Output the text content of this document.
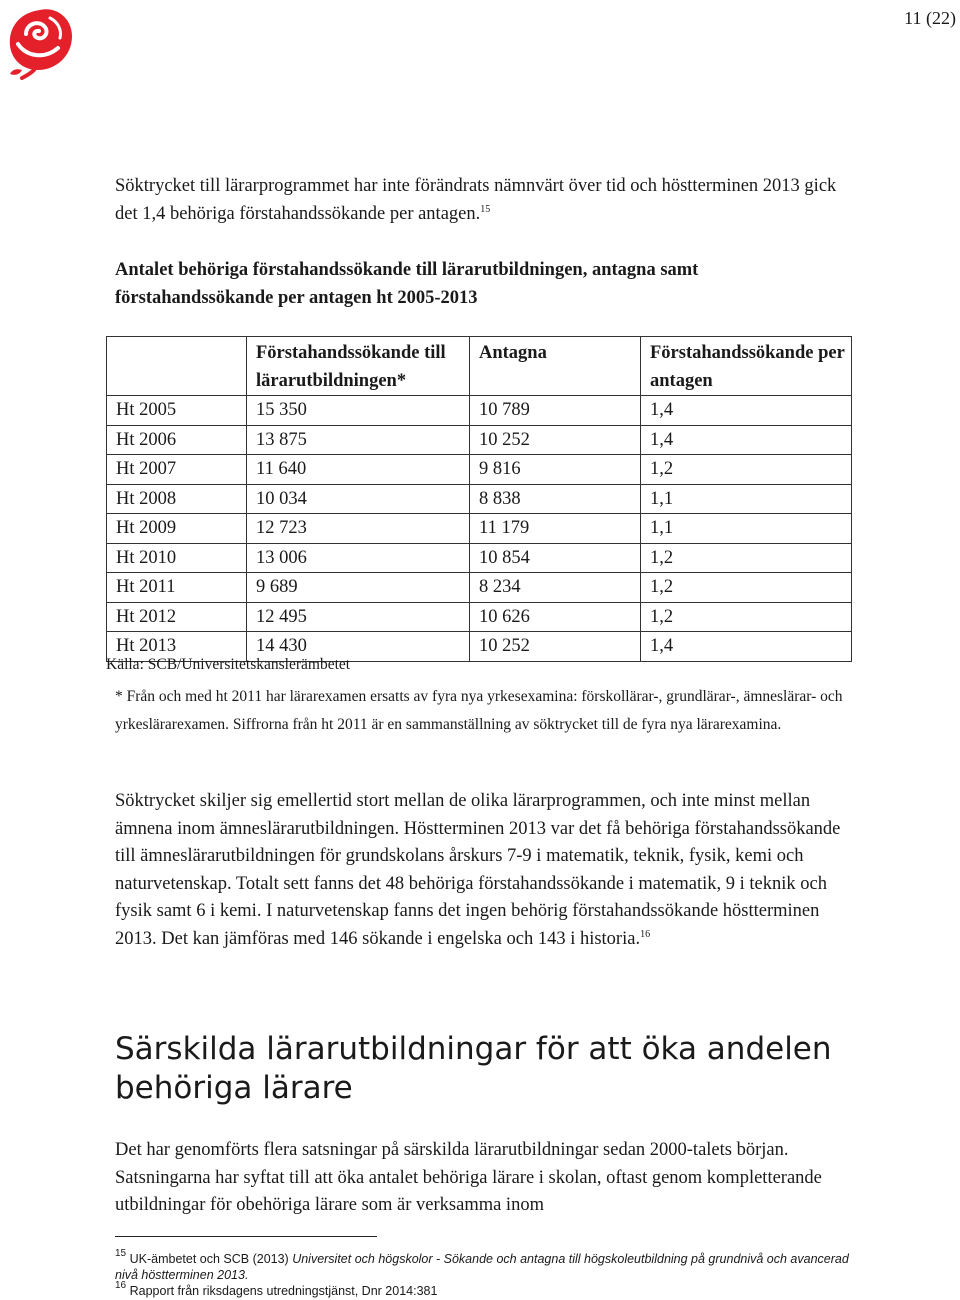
11 (22)

Söktrycket till lärarprogrammet har inte förändrats nämnvärt över tid och höstterminen 2013 gick det 1,4 behöriga förstahandssökande per antagen.$^{15}$

Antalet behöriga förstahandssökande till lärarutbildningen, antagna samt förstahandssökande per antagen ht 2005-2013
	Förstahandssökande till lärarutbildningen*	Antagna	Förstahandssökande per antagen
Ht 2005	15 350	10 789	1,4
Ht 2006	13 875	10 252	1,4
Ht 2007	11 640	9 816	1,2
Ht 2008	10 034	8 838	1,1
Ht 2009	12 723	11 179	1,1
Ht 2010	13 006	10 854	1,2
Ht 2011	9 689	8 234	1,2
Ht 2012	12 495	10 626	1,2
Ht 2013	14 430	10 252	1,4
Källa: SCB/Universitetskanslerämbetet
* Från och med ht 2011 har lärarexamen ersatts av fyra nya yrkesexamina: förskollärar-, grundlärar-, ämneslärar- och yrkeslärarexamen. Siffrorna från ht 2011 är en sammanställning av söktrycket till de fyra nya lärarexamina.

Söktrycket skiljer sig emellertid stort mellan de olika lärarprogrammen, och inte minst mellan ämnena inom ämneslärarutbildningen. Höstterminen 2013 var det få behöriga förstahandssökande till ämneslärarutbildningen för grundskolans årskurs 7-9 i matematik, teknik, fysik, kemi och naturvetenskap. Totalt sett fanns det 48 behöriga förstahandssökande i matematik, 9 i teknik och fysik samt 6 i kemi. I naturvetenskap fanns det ingen behörig förstahandssökande höstterminen 2013. Det kan jämföras med 146 sökande i engelska och 143 i historia.$^{16}$

Särskilda lärarutbildningar för att öka andelen behöriga lärare

Det har genomförts flera satsningar på särskilda lärarutbildningar sedan 2000-talets början. Satsningarna har syftat till att öka antalet behöriga lärare i skolan, oftast genom kompletterande utbildningar för obehöriga lärare som är verksamma inom

$^{15}$ UK-ämbetet och SCB (2013) Universitet och högskolor - Sökande och antagna till högskoleutbildning på grundnivå och avancerad nivå höstterminen 2013.
$^{16}$ Rapport från riksdagens utredningstjänst, Dnr 2014:381
